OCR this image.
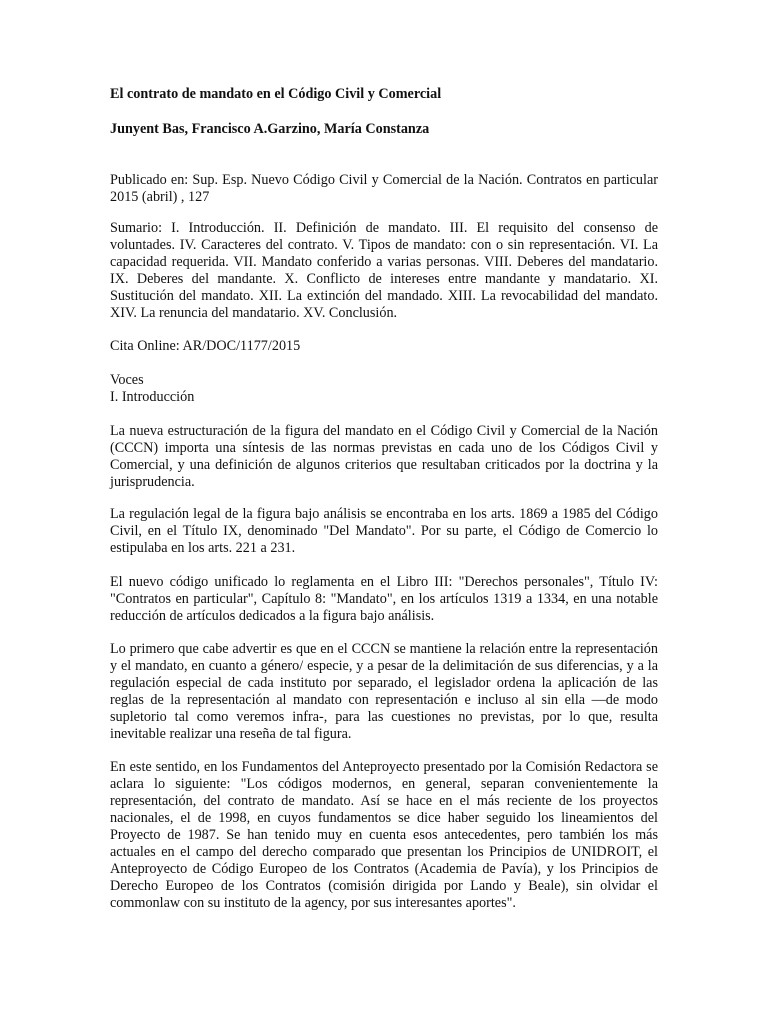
El contrato de mandato en el Código Civil y Comercial

Junyent Bas, Francisco A.Garzino, María Constanza

Publicado en: Sup. Esp. Nuevo Código Civil y Comercial de la Nación. Contratos en particular 2015 (abril) , 127

Sumario: I. Introducción. II. Definición de mandato. III. El requisito del consenso de voluntades. IV. Caracteres del contrato. V. Tipos de mandato: con o sin representación. VI. La capacidad requerida. VII. Mandato conferido a varias personas. VIII. Deberes del mandatario. IX. Deberes del mandante. X. Conflicto de intereses entre mandante y mandatario. XI. Sustitución del mandato. XII. La extinción del mandado. XIII. La revocabilidad del mandato. XIV. La renuncia del mandatario. XV. Conclusión.

Cita Online: AR/DOC/1177/2015

Voces

I. Introducción

La nueva estructuración de la figura del mandato en el Código Civil y Comercial de la Nación (CCCN) importa una síntesis de las normas previstas en cada uno de los Códigos Civil y Comercial, y una definición de algunos criterios que resultaban criticados por la doctrina y la jurisprudencia.

La regulación legal de la figura bajo análisis se encontraba en los arts. 1869 a 1985 del Código Civil, en el Título IX, denominado "Del Mandato". Por su parte, el Código de Comercio lo estipulaba en los arts. 221 a 231.

El nuevo código unificado lo reglamenta en el Libro III: "Derechos personales", Título IV: "Contratos en particular", Capítulo 8: "Mandato", en los artículos 1319 a 1334, en una notable reducción de artículos dedicados a la figura bajo análisis.

Lo primero que cabe advertir es que en el CCCN se mantiene la relación entre la representación y el mandato, en cuanto a género/ especie, y a pesar de la delimitación de sus diferencias, y a la regulación especial de cada instituto por separado, el legislador ordena la aplicación de las reglas de la representación al mandato con representación e incluso al sin ella —de modo supletorio tal como veremos infra-, para las cuestiones no previstas, por lo que, resulta inevitable realizar una reseña de tal figura.

En este sentido, en los Fundamentos del Anteproyecto presentado por la Comisión Redactora se aclara lo siguiente: "Los códigos modernos, en general, separan convenientemente la representación, del contrato de mandato. Así se hace en el más reciente de los proyectos nacionales, el de 1998, en cuyos fundamentos se dice haber seguido los lineamientos del Proyecto de 1987. Se han tenido muy en cuenta esos antecedentes, pero también los más actuales en el campo del derecho comparado que presentan los Principios de UNIDROIT, el Anteproyecto de Código Europeo de los Contratos (Academia de Pavía), y los Principios de Derecho Europeo de los Contratos (comisión dirigida por Lando y Beale), sin olvidar el commonlaw con su instituto de la agency, por sus interesantes aportes".
